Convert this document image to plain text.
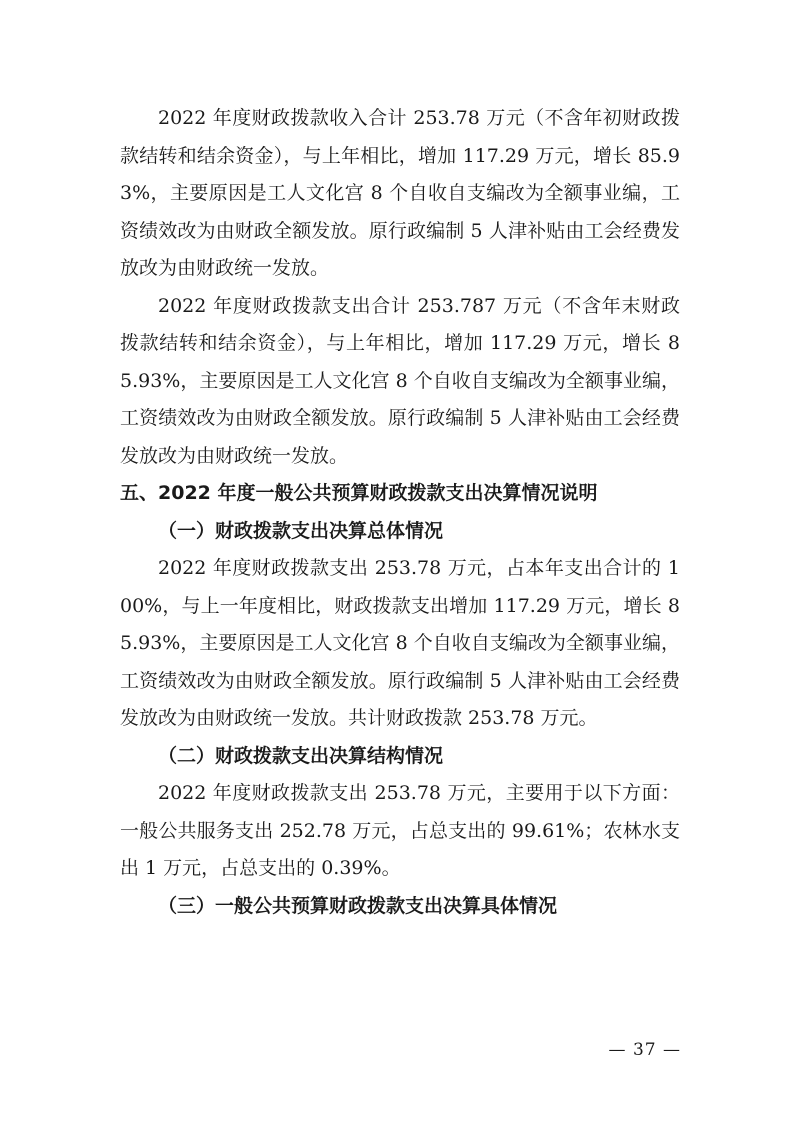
2022 年度财政拨款收入合计 253.78 万元（不含年初财政拨款结转和结余资金），与上年相比，增加 117.29 万元，增长 85.93%，主要原因是工人文化宫 8 个自收自支编改为全额事业编，工资绩效改为由财政全额发放。原行政编制 5 人津补贴由工会经费发放改为由财政统一发放。

2022 年度财政拨款支出合计 253.787 万元（不含年末财政拨款结转和结余资金），与上年相比，增加 117.29 万元，增长 85.93%，主要原因是工人文化宫 8 个自收自支编改为全额事业编，工资绩效改为由财政全额发放。原行政编制 5 人津补贴由工会经费发放改为由财政统一发放。

五、2022 年度一般公共预算财政拨款支出决算情况说明

（一）财政拨款支出决算总体情况

2022 年度财政拨款支出 253.78 万元，占本年支出合计的 100%，与上一年度相比，财政拨款支出增加 117.29 万元，增长 85.93%，主要原因是工人文化宫 8 个自收自支编改为全额事业编，工资绩效改为由财政全额发放。原行政编制 5 人津补贴由工会经费发放改为由财政统一发放。共计财政拨款 253.78 万元。

（二）财政拨款支出决算结构情况

2022 年度财政拨款支出 253.78 万元，主要用于以下方面：一般公共服务支出 252.78 万元，占总支出的 99.61%；农林水支出 1 万元，占总支出的 0.39%。

（三）一般公共预算财政拨款支出决算具体情况

— 37 —
